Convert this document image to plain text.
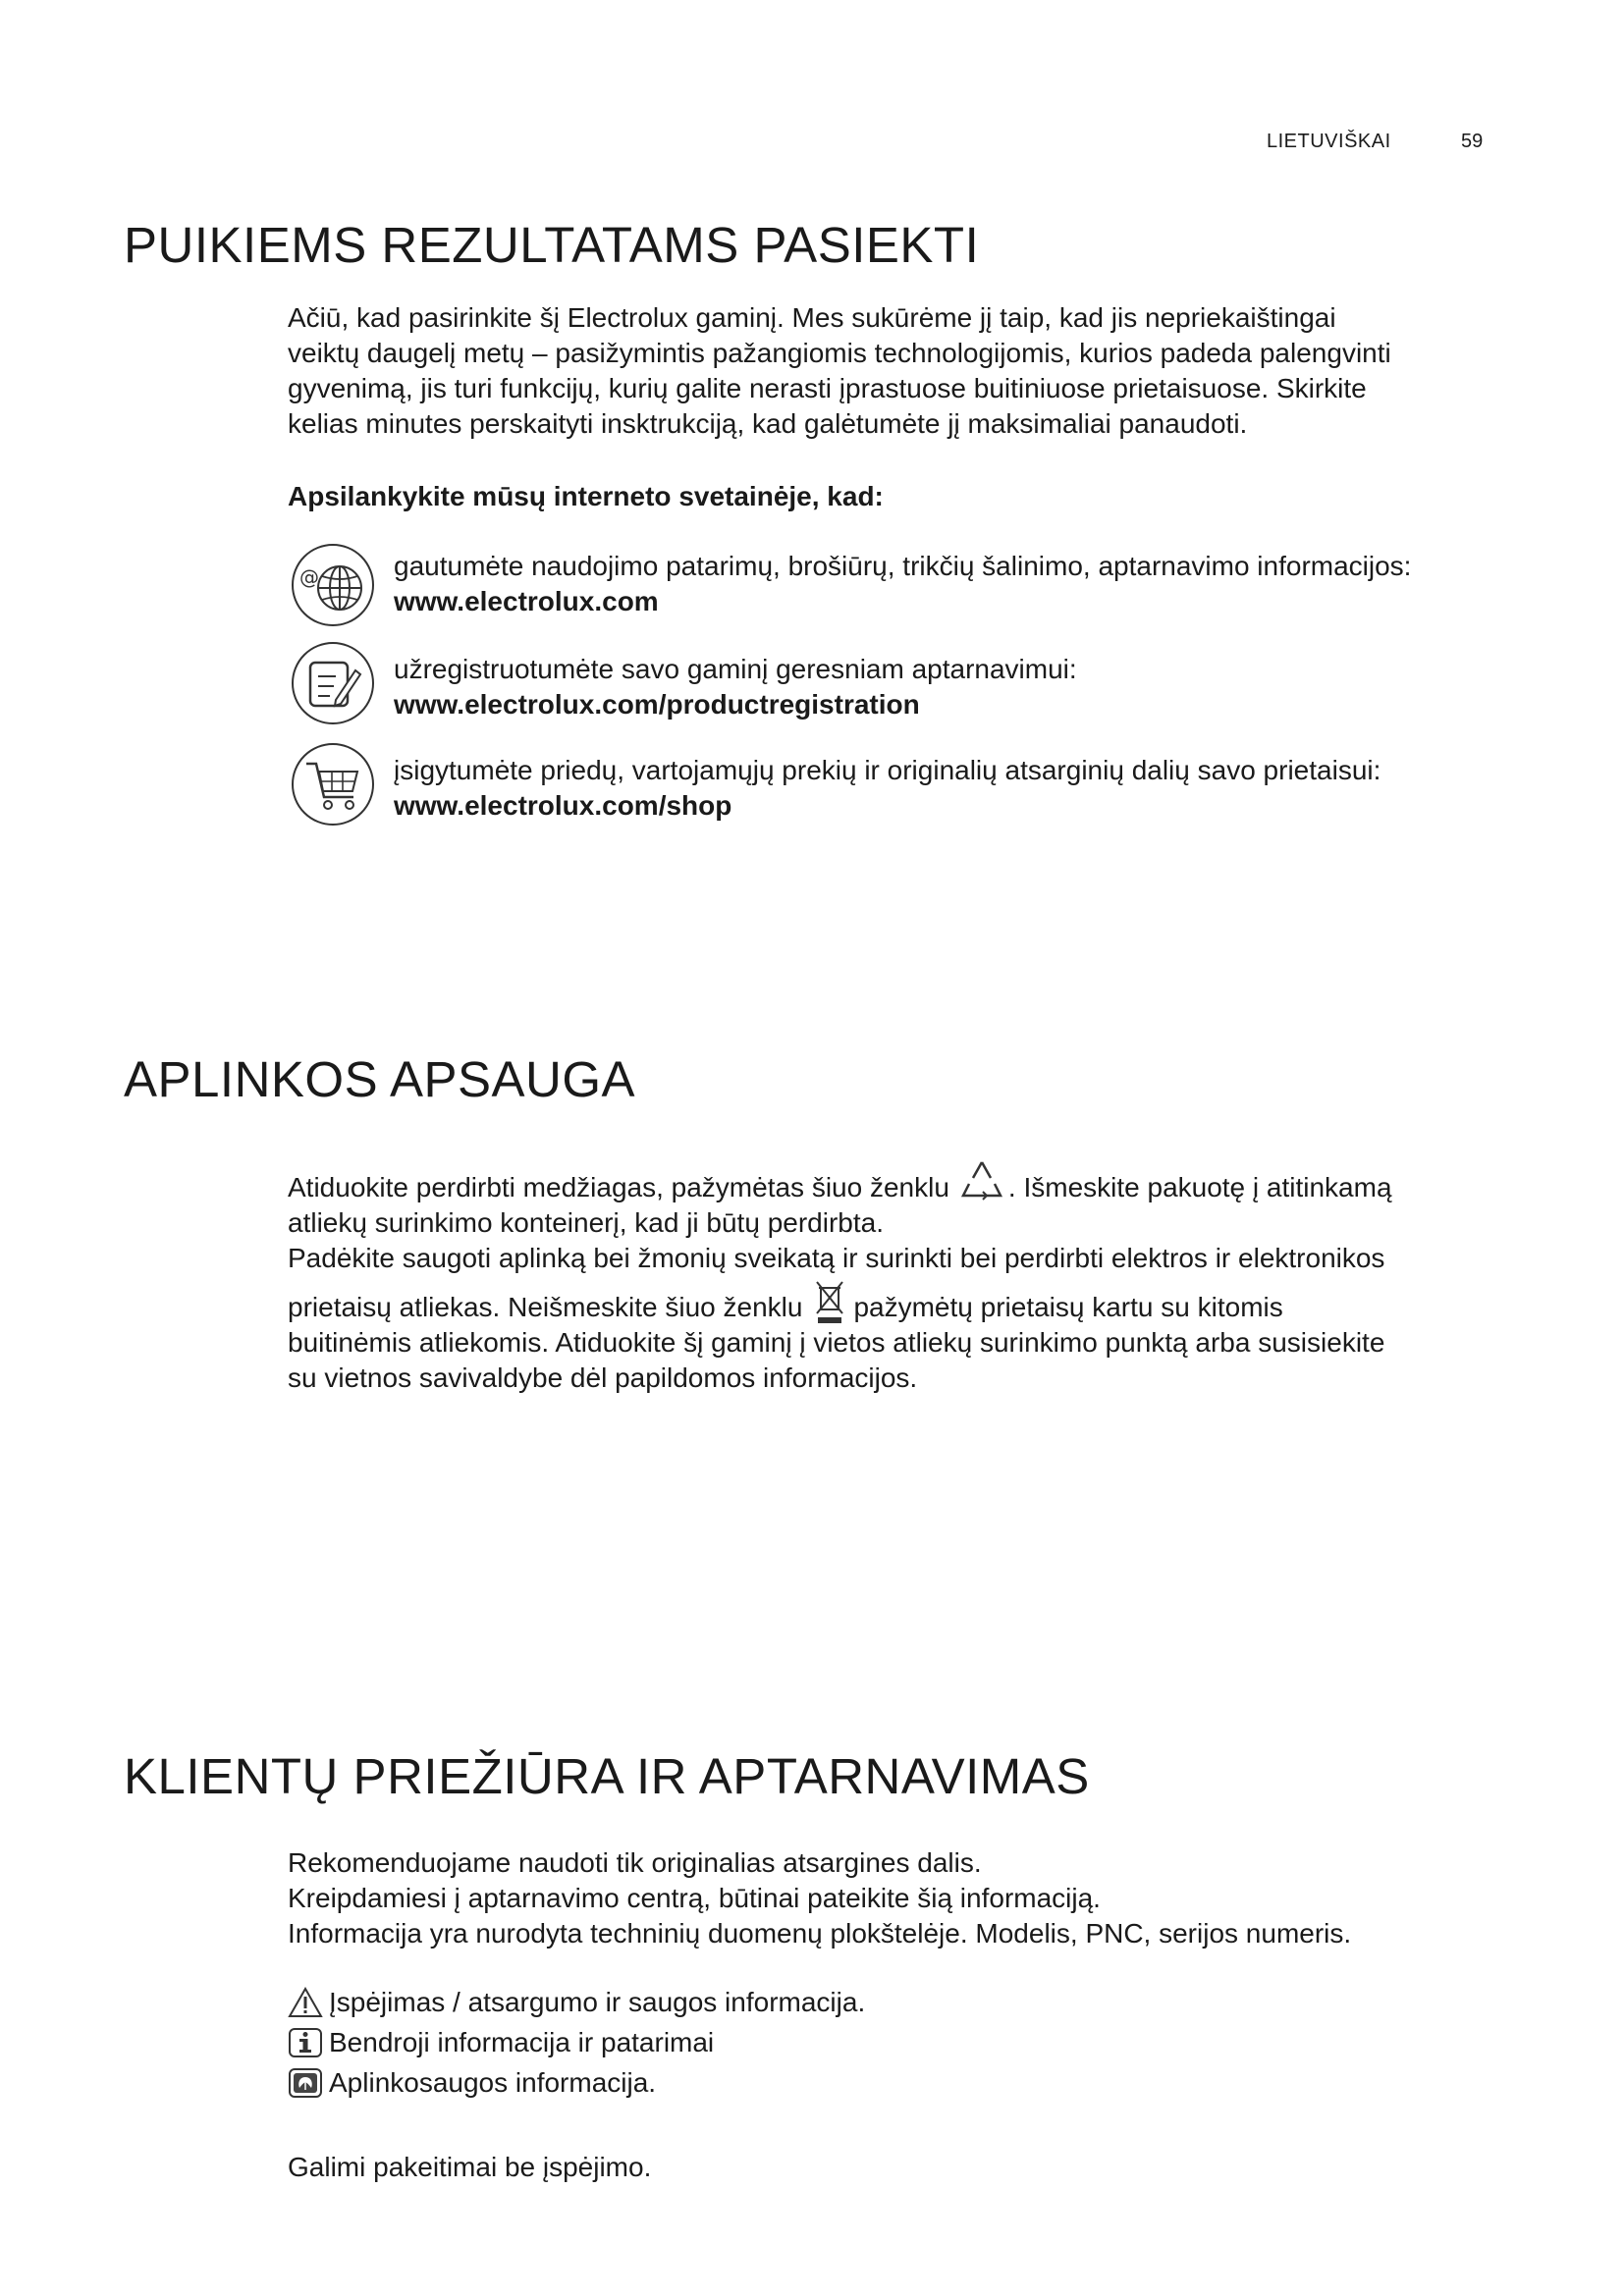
LIETUVIŠKAI	59
PUIKIEMS REZULTATAMS PASIEKTI
Ačiū, kad pasirinkite šį Electrolux gaminį. Mes sukūrėme jį taip, kad jis nepriekaištingai
veiktų daugelį metų – pasižymintis pažangiomis technologijomis, kurios padeda palengvinti
gyvenimą, jis turi funkcijų, kurių galite nerasti įprastuose buitiniuose prietaisuose. Skirkite
kelias minutes perskaityti insktrukciją, kad galėtumėte jį maksimaliai panaudoti.
Apsilankykite mūsų interneto svetainėje, kad:
@	gautumėte naudojimo patarimų, brošiūrų, trikčių šalinimo, aptarnavimo informacijos:
www.electrolux.com
užregistruotumėte savo gaminį geresniam aptarnavimui:
www.electrolux.com/productregistration
įsigytumėte priedų, vartojamųjų prekių ir originalių atsarginių dalių savo prietaisui:
www.electrolux.com/shop
APLINKOS APSAUGA
Atiduokite perdirbti medžiagas, pažymėtas šiuo ženklu . Išmeskite pakuotę į atitinkamą
atliekų surinkimo konteinerį, kad ji būtų perdirbta.
Padėkite saugoti aplinką bei žmonių sveikatą ir surinkti bei perdirbti elektros ir elektronikos
prietaisų atliekas. Neišmeskite šiuo ženklu pažymėtų prietaisų kartu su kitomis
buitinėmis atliekomis. Atiduokite šį gaminį į vietos atliekų surinkimo punktą arba susisiekite
su vietnos savivaldybe dėl papildomos informacijos.
KLIENTŲ PRIEŽIŪRA IR APTARNAVIMAS
Rekomenduojame naudoti tik originalias atsargines dalis.
Kreipdamiesi į aptarnavimo centrą, būtinai pateikite šią informaciją.
Informacija yra nurodyta techninių duomenų plokštelėje. Modelis, PNC, serijos numeris.
Įspėjimas / atsargumo ir saugos informacija.
Bendroji informacija ir patarimai
Aplinkosaugos informacija.
Galimi pakeitimai be įspėjimo.
